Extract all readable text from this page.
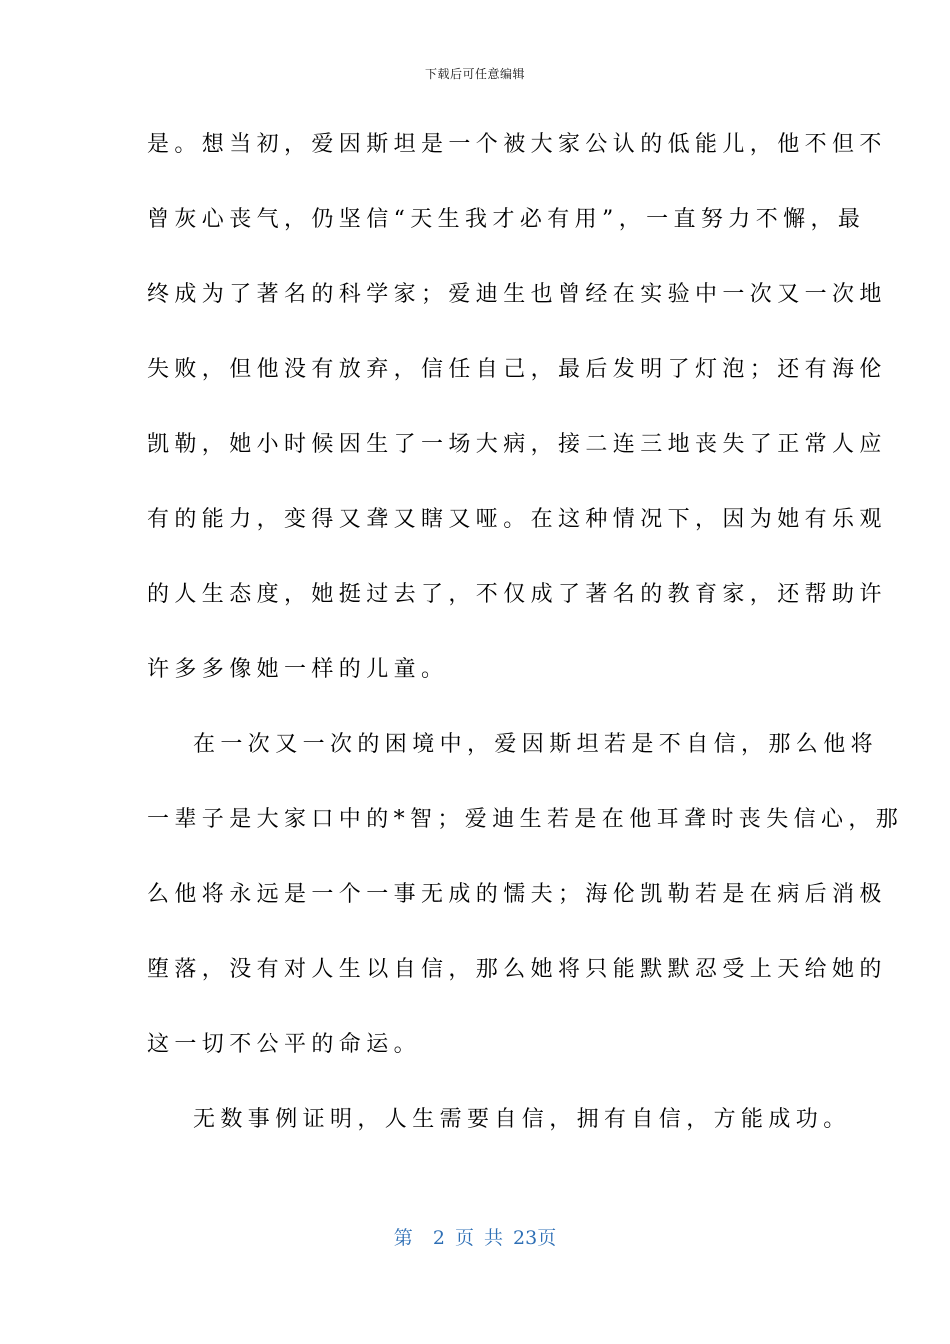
下载后可任意编辑
是。想当初，爱因斯坦是一个被大家公认的低能儿，他不但不
曾灰心丧气，仍坚信“天生我才必有用”，一直努力不懈，最
终成为了著名的科学家；爱迪生也曾经在实验中一次又一次地
失败，但他没有放弃，信任自己，最后发明了灯泡；还有海伦
凯勒，她小时候因生了一场大病，接二连三地丧失了正常人应
有的能力，变得又聋又瞎又哑。在这种情况下，因为她有乐观
的人生态度，她挺过去了，不仅成了著名的教育家，还帮助许
许多多像她一样的儿童。
在一次又一次的困境中，爱因斯坦若是不自信，那么他将
一辈子是大家口中的*智；爱迪生若是在他耳聋时丧失信心，那
么他将永远是一个一事无成的懦夫；海伦凯勒若是在病后消极
堕落，没有对人生以自信，那么她将只能默默忍受上天给她的
这一切不公平的命运。
无数事例证明，人生需要自信，拥有自信，方能成功。
第  2 页 共 23页
